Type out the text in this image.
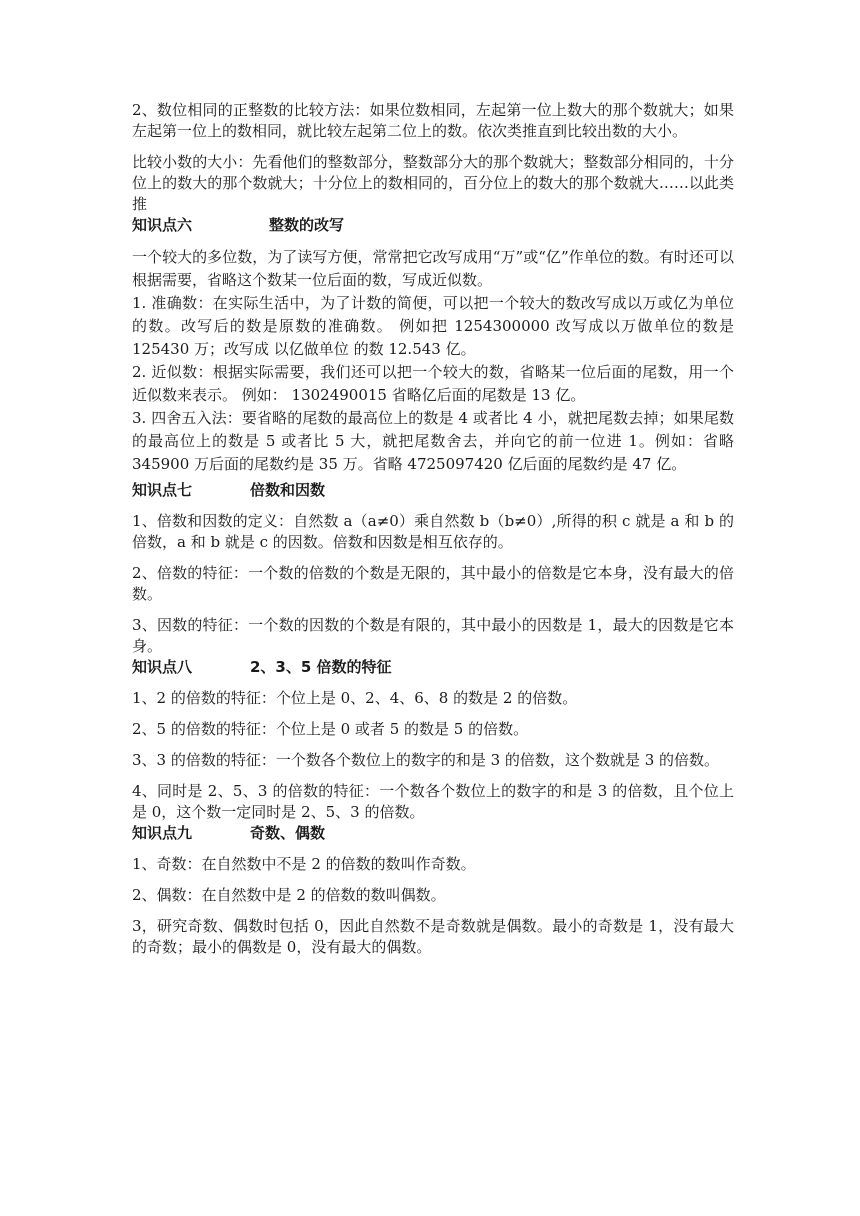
2、数位相同的正整数的比较方法：如果位数相同，左起第一位上数大的那个数就大；如果左起第一位上的数相同，就比较左起第二位上的数。依次类推直到比较出数的大小。

比较小数的大小：先看他们的整数部分，整数部分大的那个数就大；整数部分相同的，十分位上的数大的那个数就大；十分位上的数相同的，百分位上的数大的那个数就大……以此类推

知识点六	整数的改写

一个较大的多位数，为了读写方便，常常把它改写成用“万”或“亿”作单位的数。有时还可以根据需要，省略这个数某一位后面的数，写成近似数。

1. 准确数：在实际生活中，为了计数的简便，可以把一个较大的数改写成以万或亿为单位的数。改写后的数是原数的准确数。 例如把 1254300000 改写成以万做单位的数是 125430 万；改写成 以亿做单位 的数 12.543 亿。

2. 近似数：根据实际需要，我们还可以把一个较大的数，省略某一位后面的尾数，用一个近似数来表示。 例如： 1302490015 省略亿后面的尾数是 13 亿。

3. 四舍五入法：要省略的尾数的最高位上的数是 4 或者比 4 小，就把尾数去掉；如果尾数的最高位上的数是 5 或者比 5 大，就把尾数舍去，并向它的前一位进 1。例如：省略 345900 万后面的尾数约是 35 万。省略 4725097420 亿后面的尾数约是 47 亿。

知识点七	倍数和因数

1、倍数和因数的定义：自然数 a（a≠0）乘自然数 b（b≠0）,所得的积 c 就是 a 和 b 的倍数，a 和 b 就是 c 的因数。倍数和因数是相互依存的。

2、倍数的特征：一个数的倍数的个数是无限的，其中最小的倍数是它本身，没有最大的倍数。

3、因数的特征：一个数的因数的个数是有限的，其中最小的因数是 1，最大的因数是它本身。

知识点八	2、3、5 倍数的特征

1、2 的倍数的特征：个位上是 0、2、4、6、8 的数是 2 的倍数。

2、5 的倍数的特征：个位上是 0 或者 5 的数是 5 的倍数。

3、3 的倍数的特征：一个数各个数位上的数字的和是 3 的倍数，这个数就是 3 的倍数。

4、同时是 2、5、3 的倍数的特征：一个数各个数位上的数字的和是 3 的倍数，且个位上是 0，这个数一定同时是 2、5、3 的倍数。

知识点九	奇数、偶数

1、奇数：在自然数中不是 2 的倍数的数叫作奇数。

2、偶数：在自然数中是 2 的倍数的数叫偶数。

3，研究奇数、偶数时包括 0，因此自然数不是奇数就是偶数。最小的奇数是 1，没有最大的奇数；最小的偶数是 0，没有最大的偶数。
